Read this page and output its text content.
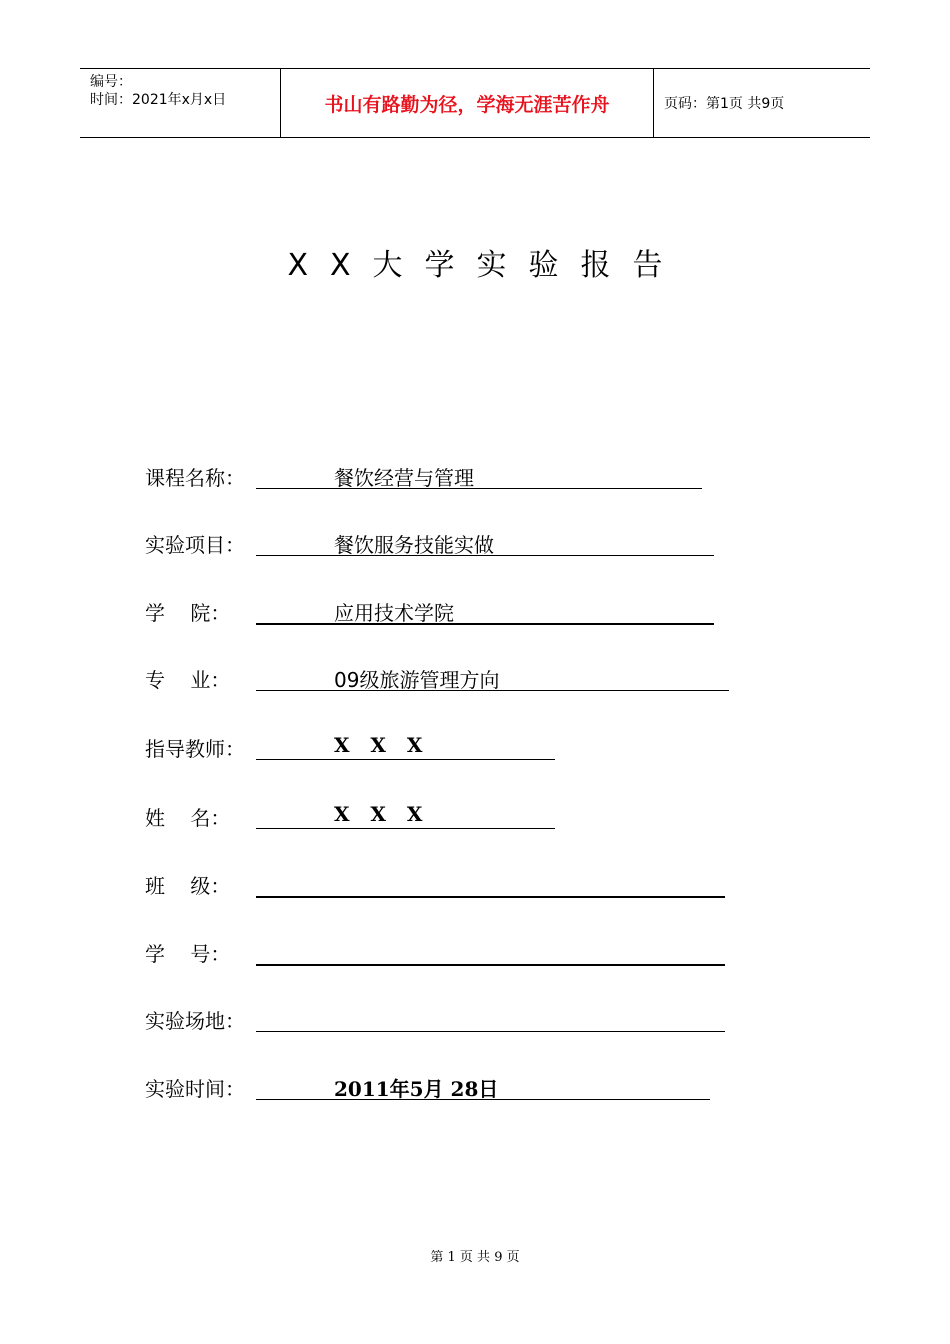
编号：
时间：2021年x月x日	书山有路勤为径，学海无涯苦作舟	页码：第1页 共9页
XX大学实验报告
课程名称：	餐饮经营与管理
实验项目：	餐饮服务技能实做
学    院：	应用技术学院
专    业：	09级旅游管理方向
指导教师：	X   X   X
姓    名：	X   X   X
班    级：
学    号：
实验场地：
实验时间：	2011年5月 28日
第 1 页 共 9 页
